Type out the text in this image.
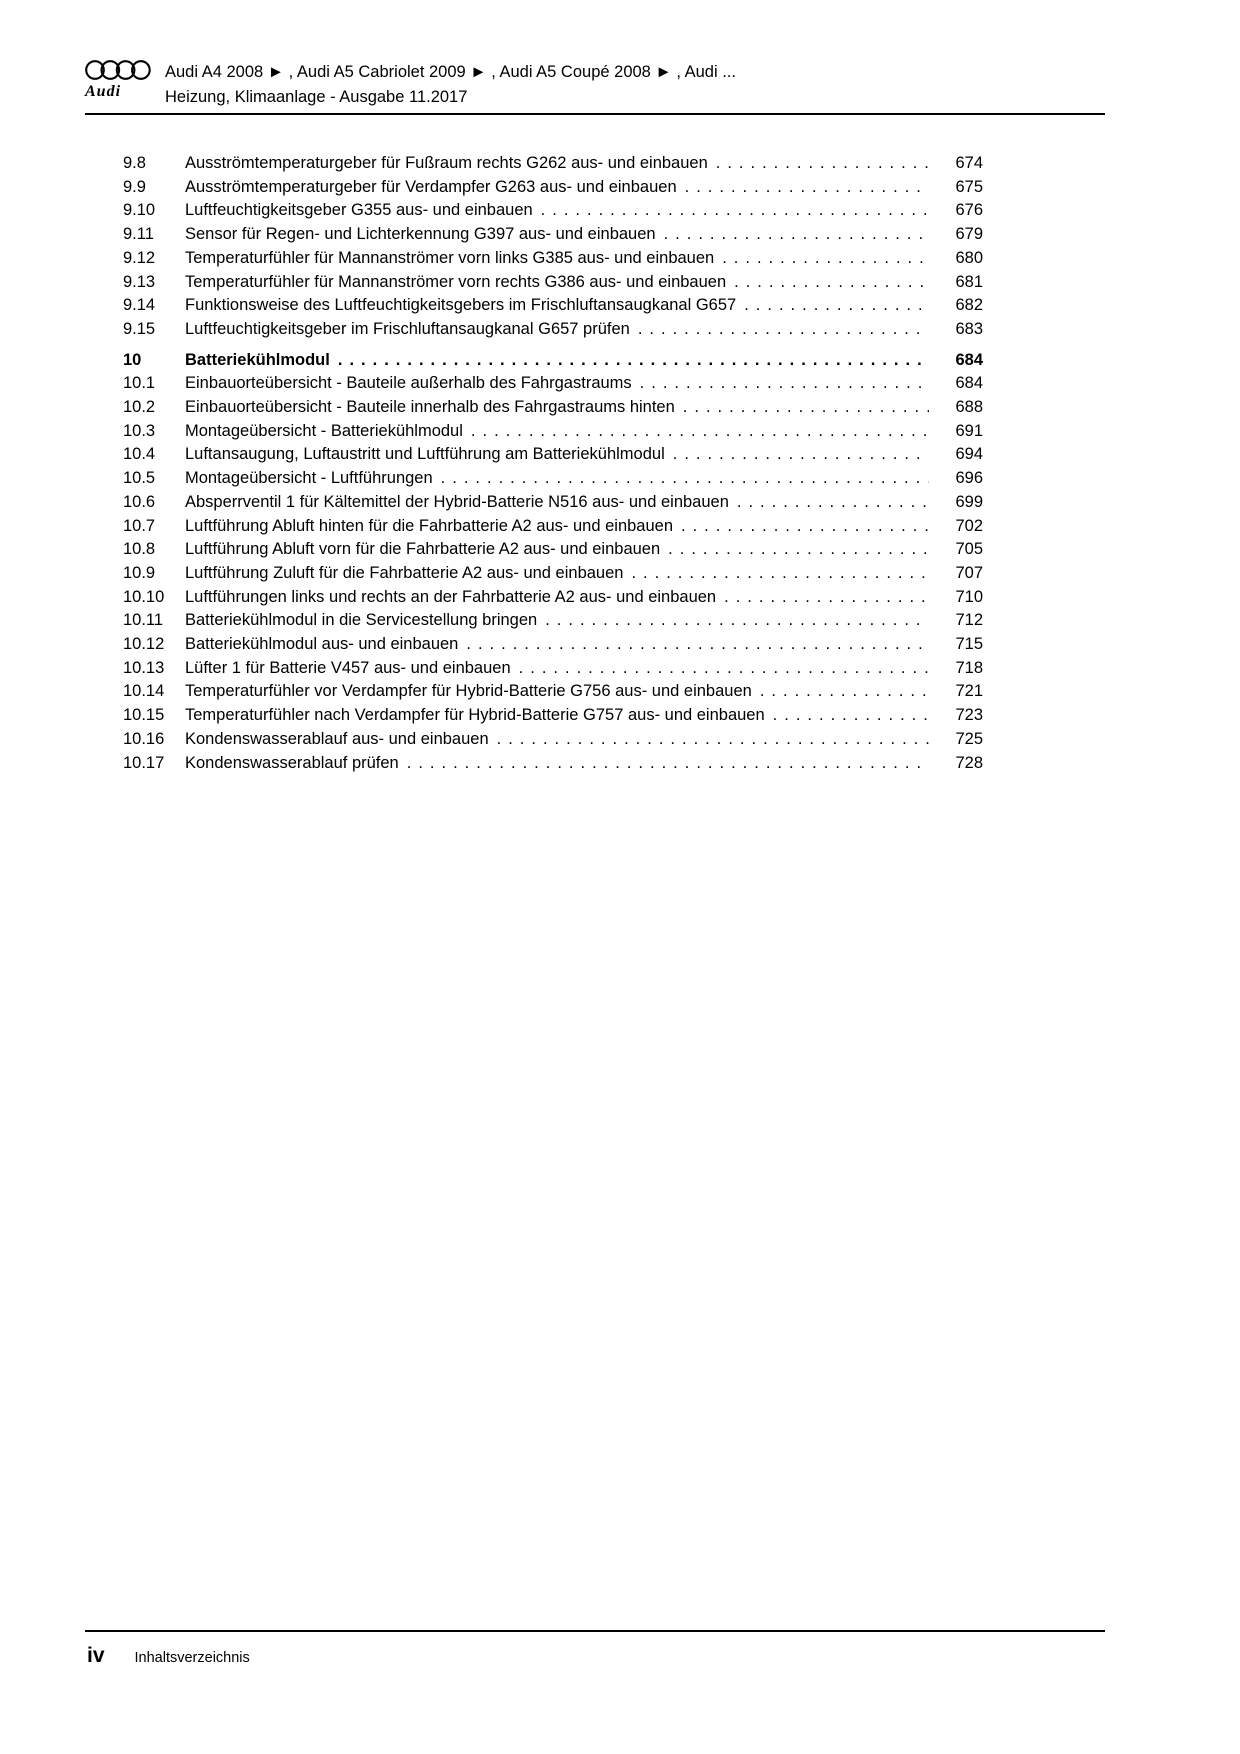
Audi
Audi A4 2008 ► , Audi A5 Cabriolet 2009 ► , Audi A5 Coupé 2008 ► , Audi ...
Heizung, Klimaanlage - Ausgabe 11.2017
9.8	Ausströmtemperaturgeber für Fußraum rechts G262 aus- und einbauen .....	674
9.9	Ausströmtemperaturgeber für Verdampfer G263 aus- und einbauen .....	675
9.10	Luftfeuchtigkeitsgeber G355 aus- und einbauen .....	676
9.11	Sensor für Regen- und Lichterkennung G397 aus- und einbauen .....	679
9.12	Temperaturfühler für Mannanströmer vorn links G385 aus- und einbauen .....	680
9.13	Temperaturfühler für Mannanströmer vorn rechts G386 aus- und einbauen .....	681
9.14	Funktionsweise des Luftfeuchtigkeitsgebers im Frischluftansaugkanal G657 .....	682
9.15	Luftfeuchtigkeitsgeber im Frischluftansaugkanal G657 prüfen .....	683
10	Batteriekühlmodul .....	684
10.1	Einbauorteübersicht - Bauteile außerhalb des Fahrgastraums .....	684
10.2	Einbauorteübersicht - Bauteile innerhalb des Fahrgastraums hinten .....	688
10.3	Montageübersicht - Batteriekühlmodul .....	691
10.4	Luftansaugung, Luftaustritt und Luftführung am Batteriekühlmodul .....	694
10.5	Montageübersicht - Luftführungen .....	696
10.6	Absperrventil 1 für Kältemittel der Hybrid-Batterie N516 aus- und einbauen .....	699
10.7	Luftführung Abluft hinten für die Fahrbatterie A2 aus- und einbauen .....	702
10.8	Luftführung Abluft vorn für die Fahrbatterie A2 aus- und einbauen .....	705
10.9	Luftführung Zuluft für die Fahrbatterie A2 aus- und einbauen .....	707
10.10	Luftführungen links und rechts an der Fahrbatterie A2 aus- und einbauen .....	710
10.11	Batteriekühlmodul in die Servicestellung bringen .....	712
10.12	Batteriekühlmodul aus- und einbauen .....	715
10.13	Lüfter 1 für Batterie V457 aus- und einbauen .....	718
10.14	Temperaturfühler vor Verdampfer für Hybrid-Batterie G756 aus- und einbauen .....	721
10.15	Temperaturfühler nach Verdampfer für Hybrid-Batterie G757 aus- und einbauen .....	723
10.16	Kondenswasserablauf aus- und einbauen .....	725
10.17	Kondenswasserablauf prüfen .....	728
iv Inhaltsverzeichnis
